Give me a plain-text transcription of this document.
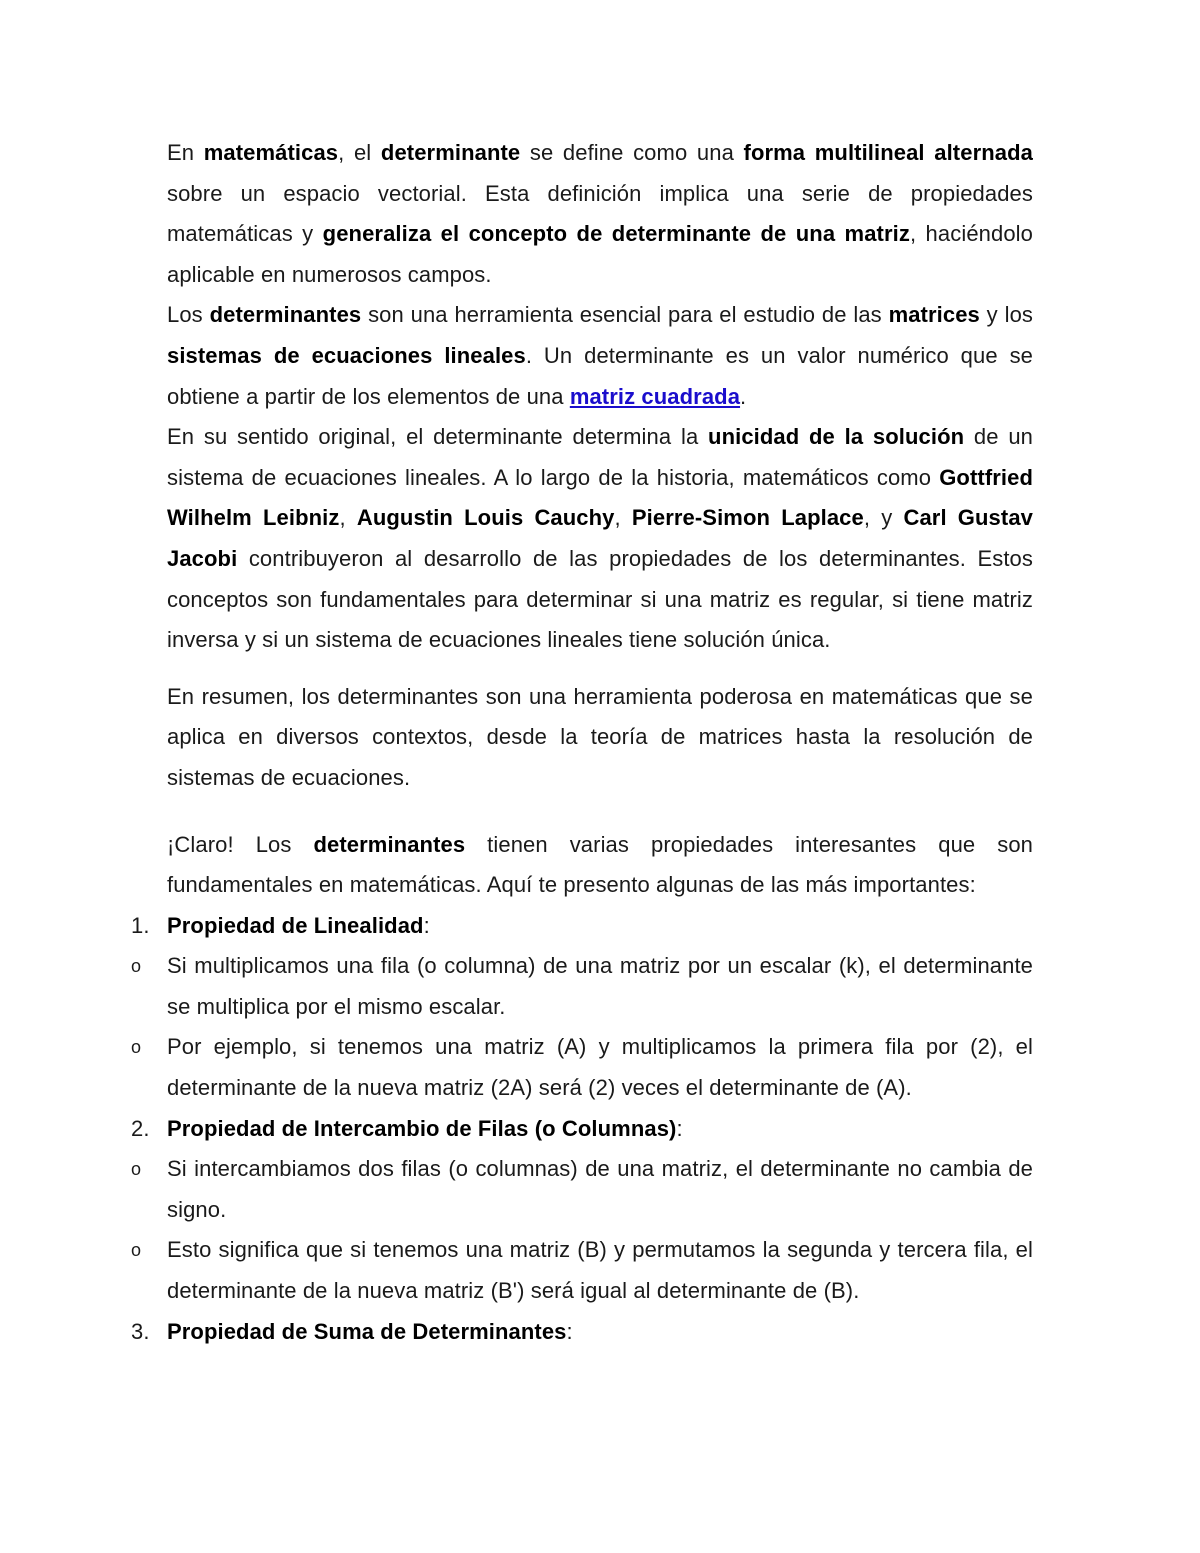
En matemáticas, el determinante se define como una forma multilineal alternada sobre un espacio vectorial. Esta definición implica una serie de propiedades matemáticas y generaliza el concepto de determinante de una matriz, haciéndolo aplicable en numerosos campos.

Los determinantes son una herramienta esencial para el estudio de las matrices y los sistemas de ecuaciones lineales. Un determinante es un valor numérico que se obtiene a partir de los elementos de una matriz cuadrada.

En su sentido original, el determinante determina la unicidad de la solución de un sistema de ecuaciones lineales. A lo largo de la historia, matemáticos como Gottfried Wilhelm Leibniz, Augustin Louis Cauchy, Pierre-Simon Laplace, y Carl Gustav Jacobi contribuyeron al desarrollo de las propiedades de los determinantes. Estos conceptos son fundamentales para determinar si una matriz es regular, si tiene matriz inversa y si un sistema de ecuaciones lineales tiene solución única.

En resumen, los determinantes son una herramienta poderosa en matemáticas que se aplica en diversos contextos, desde la teoría de matrices hasta la resolución de sistemas de ecuaciones.

¡Claro! Los determinantes tienen varias propiedades interesantes que son fundamentales en matemáticas. Aquí te presento algunas de las más importantes:

1. Propiedad de Linealidad:
o Si multiplicamos una fila (o columna) de una matriz por un escalar (k), el determinante se multiplica por el mismo escalar.
o Por ejemplo, si tenemos una matriz (A) y multiplicamos la primera fila por (2), el determinante de la nueva matriz (2A) será (2) veces el determinante de (A).
2. Propiedad de Intercambio de Filas (o Columnas):
o Si intercambiamos dos filas (o columnas) de una matriz, el determinante no cambia de signo.
o Esto significa que si tenemos una matriz (B) y permutamos la segunda y tercera fila, el determinante de la nueva matriz (B') será igual al determinante de (B).
3. Propiedad de Suma de Determinantes:
